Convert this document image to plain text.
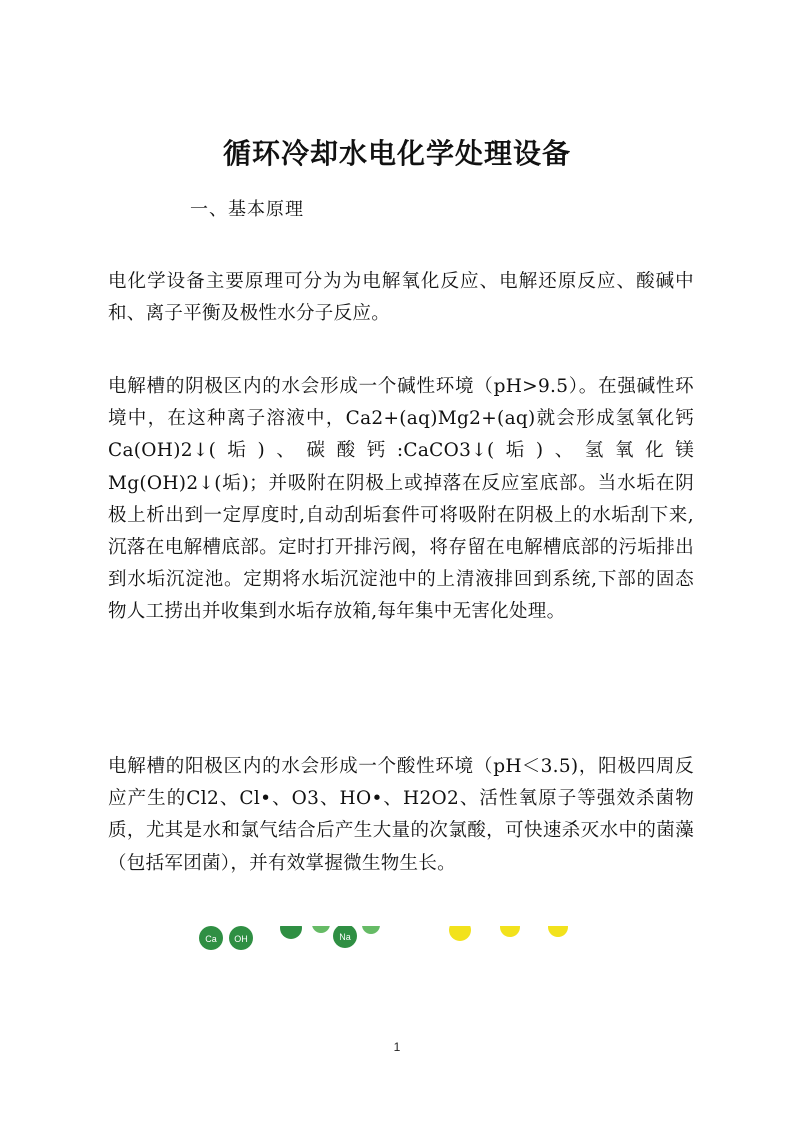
循环冷却水电化学处理设备
一、基本原理

电化学设备主要原理可分为为电解氧化反应、电解还原反应、酸碱中和、离子平衡及极性水分子反应。

电解槽的阴极区内的水会形成一个碱性环境（pH>9.5）。在强碱性环境中，在这种离子溶液中，Ca2+(aq)Mg2+(aq)就会形成氢氧化钙Ca(OH)2↓(垢)、碳酸钙:CaCO3↓(垢)、氢氧化镁Mg(OH)2↓(垢)；并吸附在阴极上或掉落在反应室底部。当水垢在阴极上析出到一定厚度时,自动刮垢套件可将吸附在阴极上的水垢刮下来,沉落在电解槽底部。定时打开排污阀，将存留在电解槽底部的污垢排出到水垢沉淀池。定期将水垢沉淀池中的上清液排回到系统,下部的固态物人工捞出并收集到水垢存放箱,每年集中无害化处理。

电解槽的阳极区内的水会形成一个酸性环境（pH＜3.5)，阳极四周反应产生的Cl2、Cl•、O3、HO•、H2O2、活性氧原子等强效杀菌物质，尤其是水和氯气结合后产生大量的次氯酸，可快速杀灭水中的菌藻（包括军团菌），并有效掌握微生物生长。

Ca OH	Na
1
